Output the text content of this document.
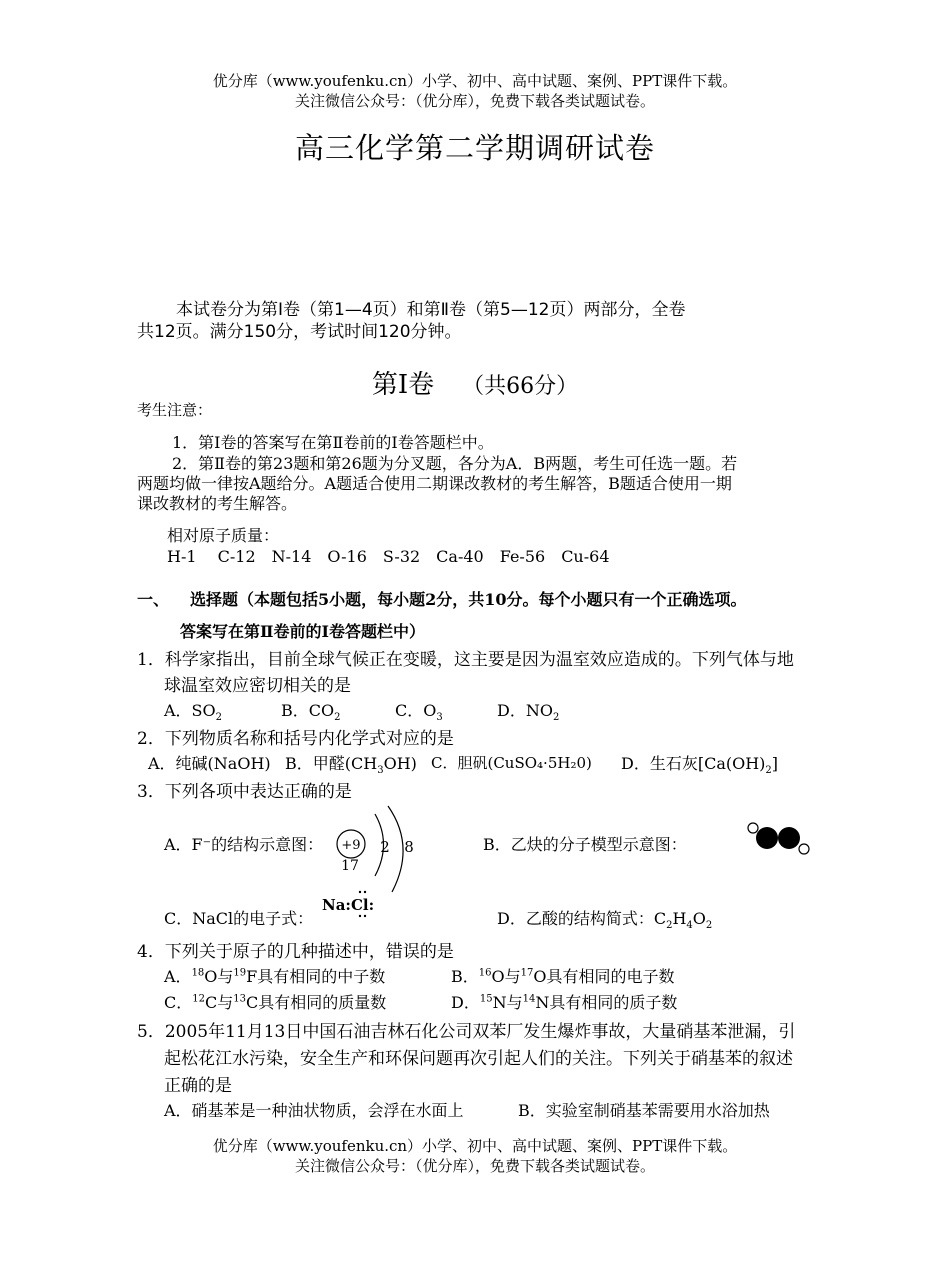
优分库（www.youfenku.cn）小学、初中、高中试题、案例、PPT课件下载。
关注微信公众号：（优分库），免费下载各类试题试卷。
高三化学第二学期调研试卷
本试卷分为第Ⅰ卷（第1—4页）和第Ⅱ卷（第5—12页）两部分，全卷
共12页。满分150分，考试时间120分钟。
第I卷 （共66分）
考生注意：
1．第I卷的答案写在第Ⅱ卷前的I卷答题栏中。
2．第Ⅱ卷的第23题和第26题为分叉题，各分为A．B两题，考生可任选一题。若
两题均做一律按A题给分。A题适合使用二期课改教材的考生解答，B题适合使用一期
课改教材的考生解答。
相对原子质量：
H-1　 C-12　N-14　O-16　S-32　Ca-40　Fe-56　Cu-64
一、 选择题（本题包括5小题，每小题2分，共10分。每个小题只有一个正确选项。
答案写在第Ⅱ卷前的I卷答题栏中）
1．科学家指出，目前全球气候正在变暖，这主要是因为温室效应造成的。下列气体与地
球温室效应密切相关的是
A．$SO_2$	B．$CO_2$	C．$O_3$	D．$NO_2$
2．下列物质名称和括号内化学式对应的是
A．纯碱(NaOH) B．甲醛$(CH_3OH)$ C．胆矾(CuSO₄·5H₂0) D．生石灰$[Ca(OH)_2]$
3．下列各项中表达正确的是
A．F⁻的结构示意图： +9 2 8
17
B．乙炔的分子模型示意图：
C．NaCl的电子式：
Na:Cl:
D．乙酸的结构简式：$C_2H_4O_2$
4．下列关于原子的几种描述中，错误的是
A．$^{18}$O与$^{19}$F具有相同的中子数	B．$^{16}$O与$^{17}$O具有相同的电子数
C．$^{12}$C与$^{13}$C具有相同的质量数	D．$^{15}$N与$^{14}$N具有相同的质子数
5．2005年11月13日中国石油吉林石化公司双苯厂发生爆炸事故，大量硝基苯泄漏，引
起松花江水污染，安全生产和环保问题再次引起人们的关注。下列关于硝基苯的叙述
正确的是
A．硝基苯是一种油状物质，会浮在水面上	B．实验室制硝基苯需要用水浴加热
优分库（www.youfenku.cn）小学、初中、高中试题、案例、PPT课件下载。
关注微信公众号：（优分库），免费下载各类试题试卷。
